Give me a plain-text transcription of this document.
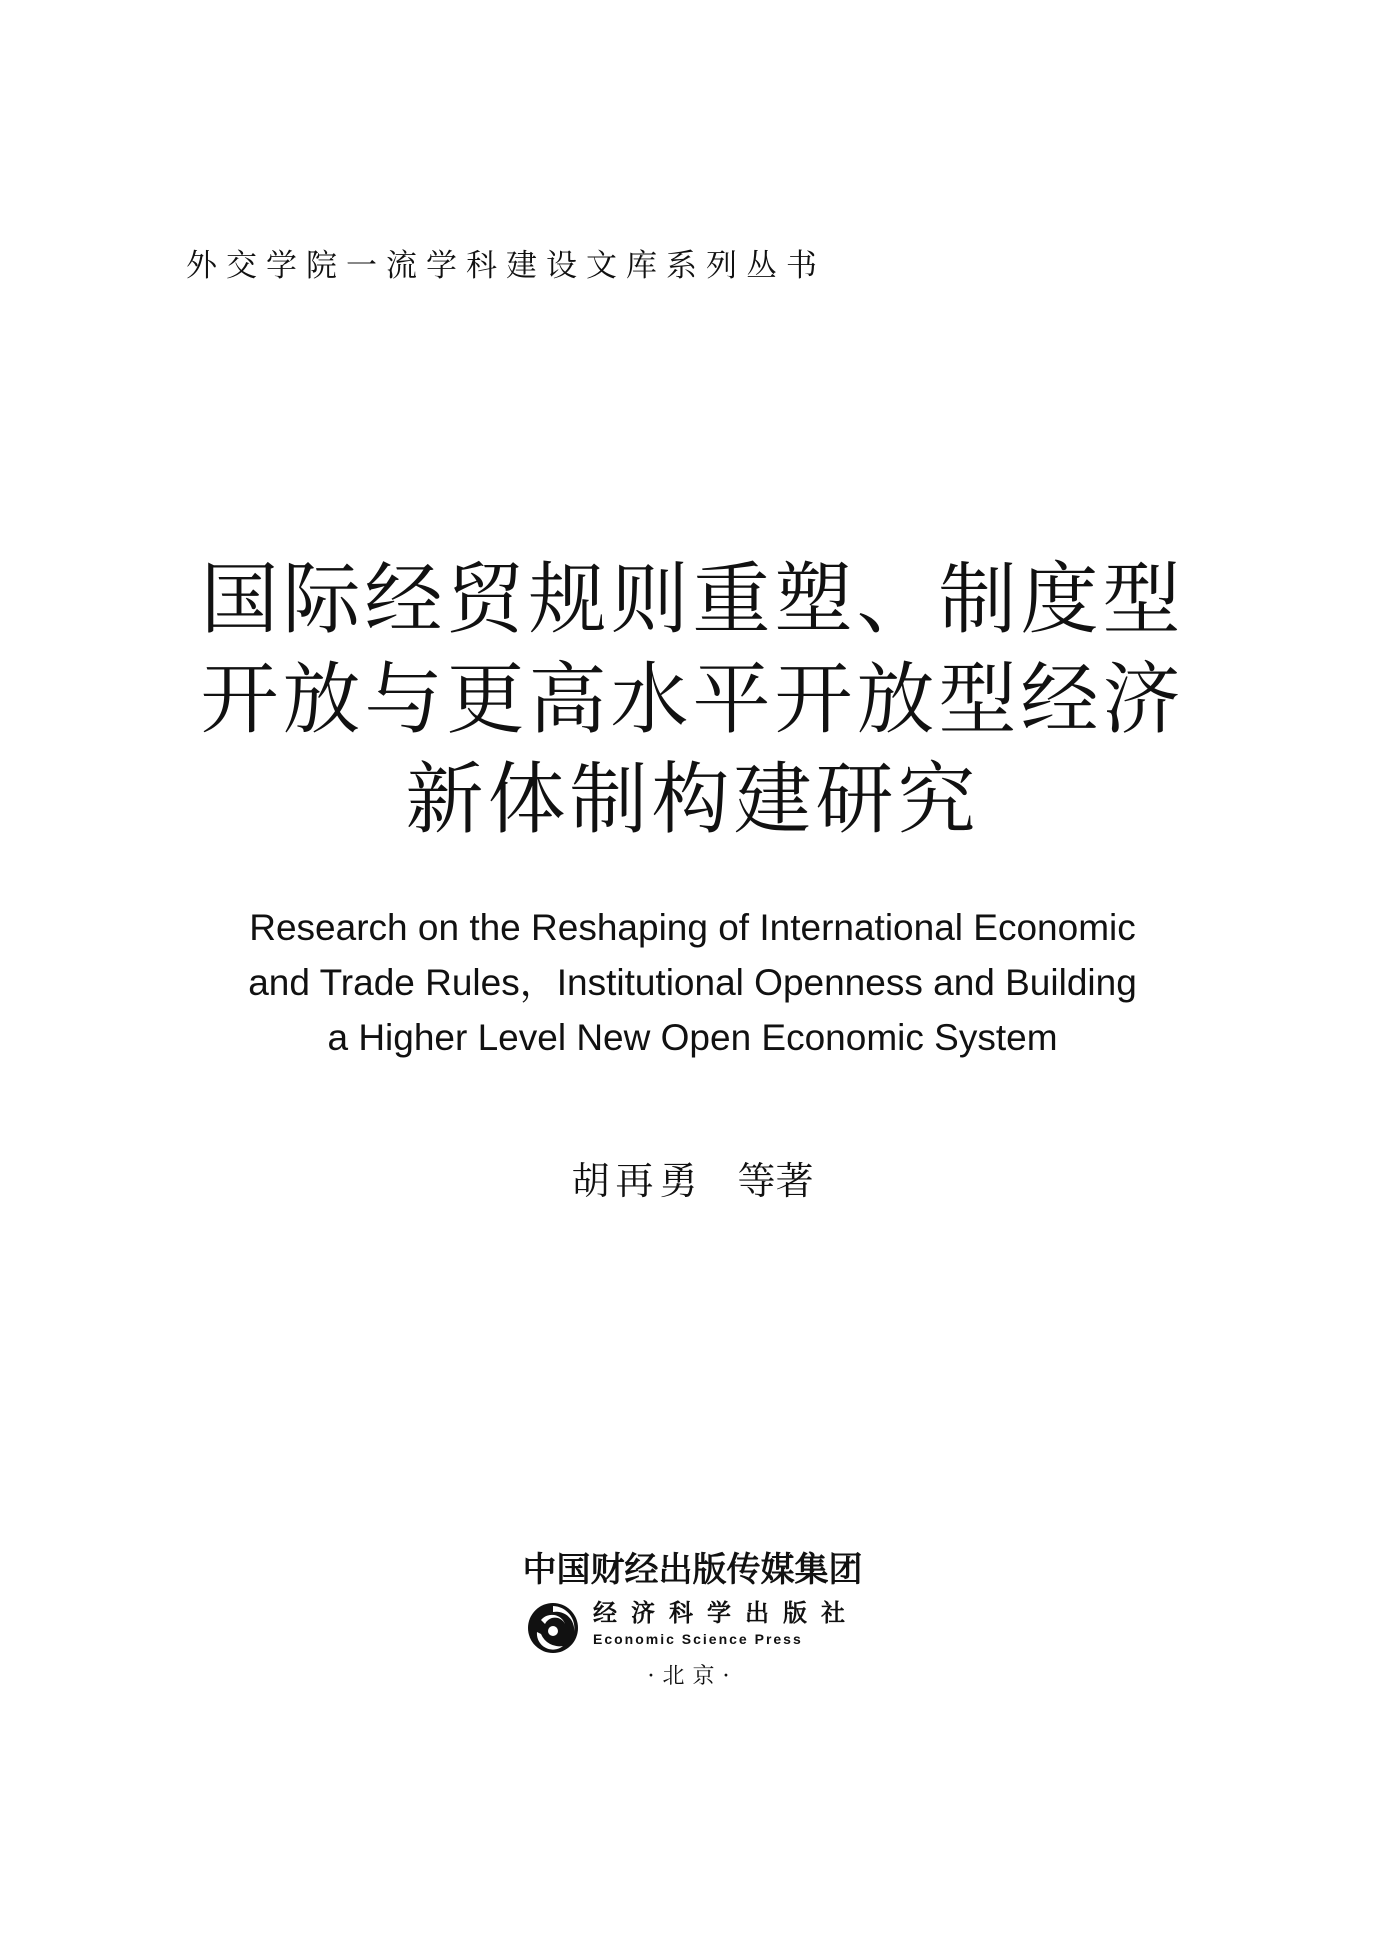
外交学院一流学科建设文库系列丛书
国际经贸规则重塑、制度型
开放与更高水平开放型经济
新体制构建研究
Research on the Reshaping of International Economic
and Trade Rules，Institutional Openness and Building
a Higher Level New Open Economic System
胡再勇 等著
中国财经出版传媒集团
经济科学出版社
Economic Science Press
·北京·
